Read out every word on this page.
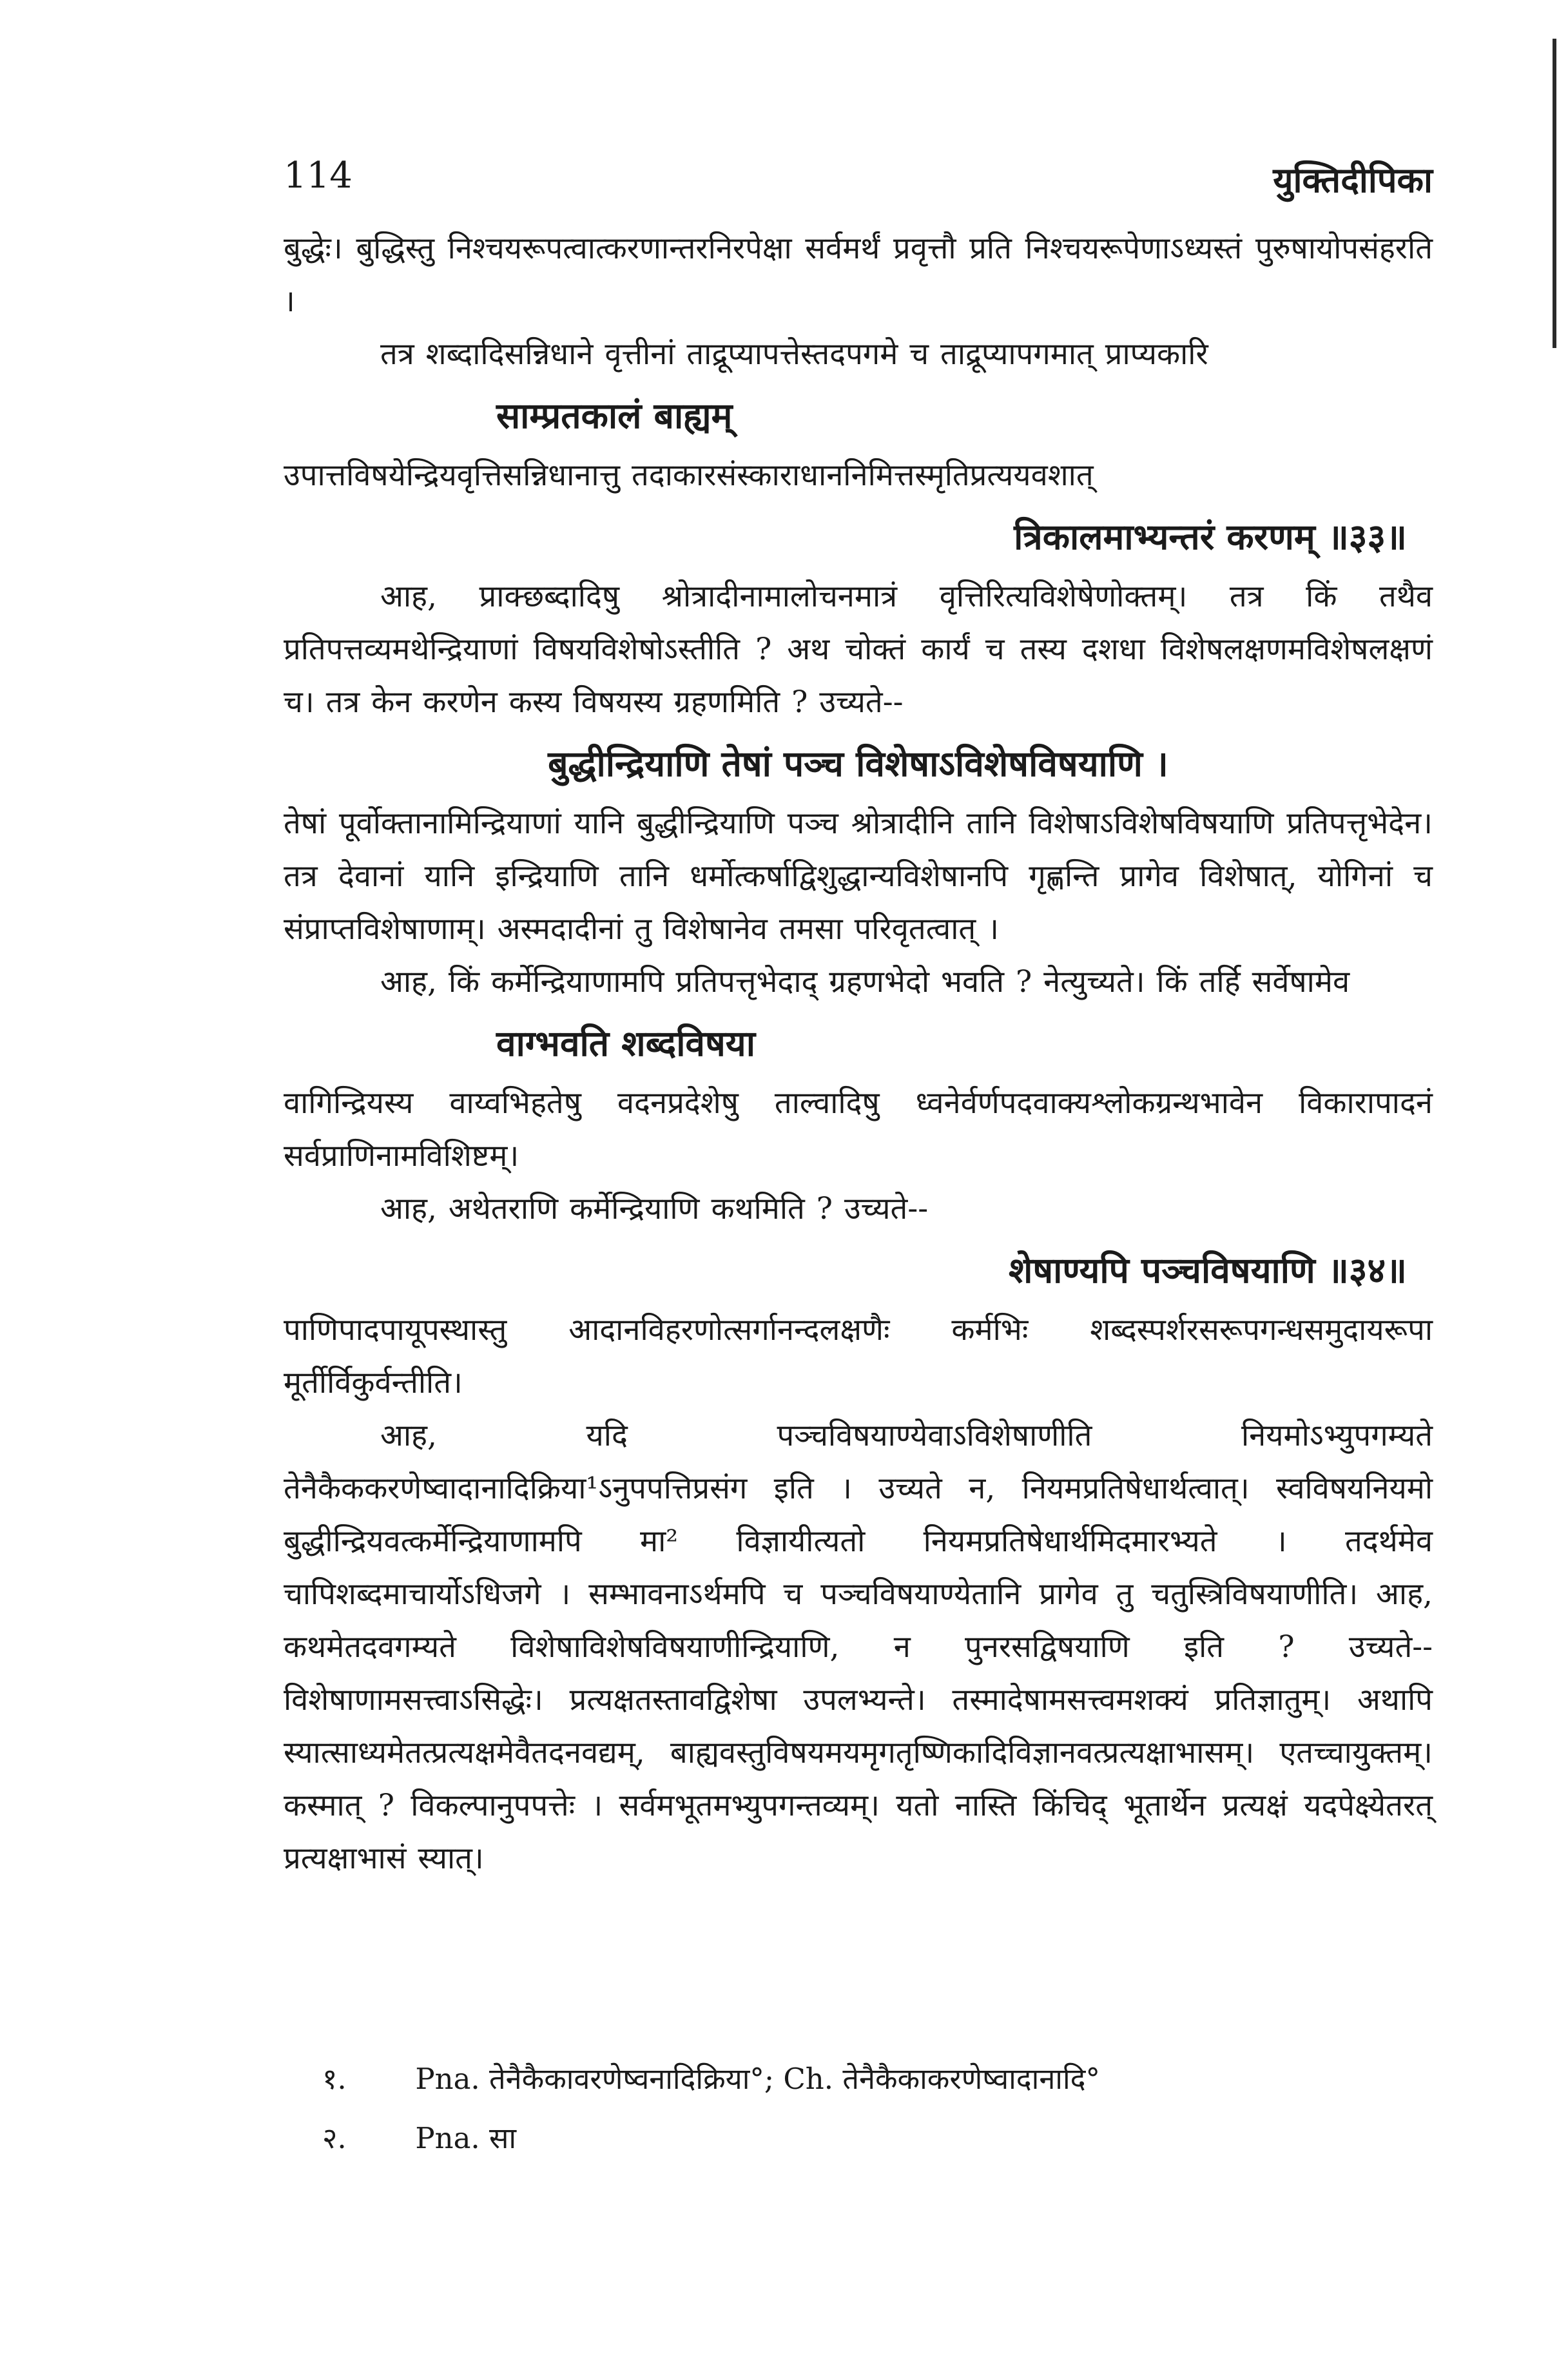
114	युक्तिदीपिका

बुद्धेः। बुद्धिस्तु निश्चयरूपत्वात्करणान्तरनिरपेक्षा सर्वमर्थं प्रवृत्तौ प्रति निश्चयरूपेणाऽध्यस्तं पुरुषायोपसंहरति ।

तत्र शब्दादिसन्निधाने वृत्तीनां ताद्रूप्यापत्तेस्तदपगमे च ताद्रूप्यापगमात् प्राप्यकारि

साम्प्रतकालं बाह्यम्

उपात्तविषयेन्द्रियवृत्तिसन्निधानात्तु तदाकारसंस्काराधाननिमित्तस्मृतिप्रत्ययवशात्

त्रिकालमाभ्यन्तरं करणम् ॥३३॥

आह, प्राक्छब्दादिषु श्रोत्रादीनामालोचनमात्रं वृत्तिरित्यविशेषेणोक्तम्। तत्र किं तथैव प्रतिपत्तव्यमथेन्द्रियाणां विषयविशेषोऽस्तीति ? अथ चोक्तं कार्यं च तस्य दशधा विशेषलक्षणमविशेषलक्षणं च। तत्र केन करणेन कस्य विषयस्य ग्रहणमिति ? उच्यते--

बुद्धीन्द्रियाणि तेषां पञ्च विशेषाऽविशेषविषयाणि ।

तेषां पूर्वोक्तानामिन्द्रियाणां यानि बुद्धीन्द्रियाणि पञ्च श्रोत्रादीनि तानि विशेषाऽविशेषविषयाणि प्रतिपत्तृभेदेन। तत्र देवानां यानि इन्द्रियाणि तानि धर्मोत्कर्षाद्विशुद्धान्यविशेषानपि गृह्णन्ति प्रागेव विशेषात्, योगिनां च संप्राप्तविशेषाणाम्। अस्मदादीनां तु विशेषानेव तमसा परिवृतत्वात् ।

आह, किं कर्मेन्द्रियाणामपि प्रतिपत्तृभेदाद् ग्रहणभेदो भवति ? नेत्युच्यते। किं तर्हि सर्वेषामेव

वाग्भवति शब्दविषया

वागिन्द्रियस्य वाय्वभिहतेषु वदनप्रदेशेषु ताल्वादिषु ध्वनेर्वर्णपदवाक्यश्लोकग्रन्थभावेन विकारापादनं सर्वप्राणिनामविशिष्टम्।

आह, अथेतराणि कर्मेन्द्रियाणि कथमिति ? उच्यते--

शेषाण्यपि पञ्चविषयाणि ॥३४॥

पाणिपादपायूपस्थास्तु आदानविहरणोत्सर्गानन्दलक्षणैः कर्मभिः शब्दस्पर्शरसरूपगन्धसमुदायरूपा मूर्तीर्विकुर्वन्तीति।

आह, यदि पञ्चविषयाण्येवाऽविशेषाणीति नियमोऽभ्युपगम्यते तेनैकैककरणेष्वादानादिक्रिया¹ऽनुपपत्तिप्रसंग इति । उच्यते न, नियमप्रतिषेधार्थत्वात्। स्वविषयनियमो बुद्धीन्द्रियवत्कर्मेन्द्रियाणामपि मा² विज्ञायीत्यतो नियमप्रतिषेधार्थमिदमारभ्यते । तदर्थमेव चापिशब्दमाचार्योऽधिजगे । सम्भावनाऽर्थमपि च पञ्चविषयाण्येतानि प्रागेव तु चतुस्त्रिविषयाणीति। आह, कथमेतदवगम्यते विशेषाविशेषविषयाणीन्द्रियाणि, न पुनरसद्विषयाणि इति ? उच्यते--विशेषाणामसत्त्वाऽसिद्धेः। प्रत्यक्षतस्तावद्विशेषा उपलभ्यन्ते। तस्मादेषामसत्त्वमशक्यं प्रतिज्ञातुम्। अथापि स्यात्साध्यमेतत्प्रत्यक्षमेवैतदनवद्यम्, बाह्यवस्तुविषयमयमृगतृष्णिकादिविज्ञानवत्प्रत्यक्षाभासम्। एतच्चायुक्तम्। कस्मात् ? विकल्पानुपपत्तेः । सर्वमभूतमभ्युपगन्तव्यम्। यतो नास्ति किंचिद् भूतार्थेन प्रत्यक्षं यदपेक्ष्येतरत् प्रत्यक्षाभासं स्यात्।

१. Pna. तेनैकैकावरणेष्वनादिक्रिया°; Ch. तेनैकैकाकरणेष्वादानादि°
२. Pna. सा
